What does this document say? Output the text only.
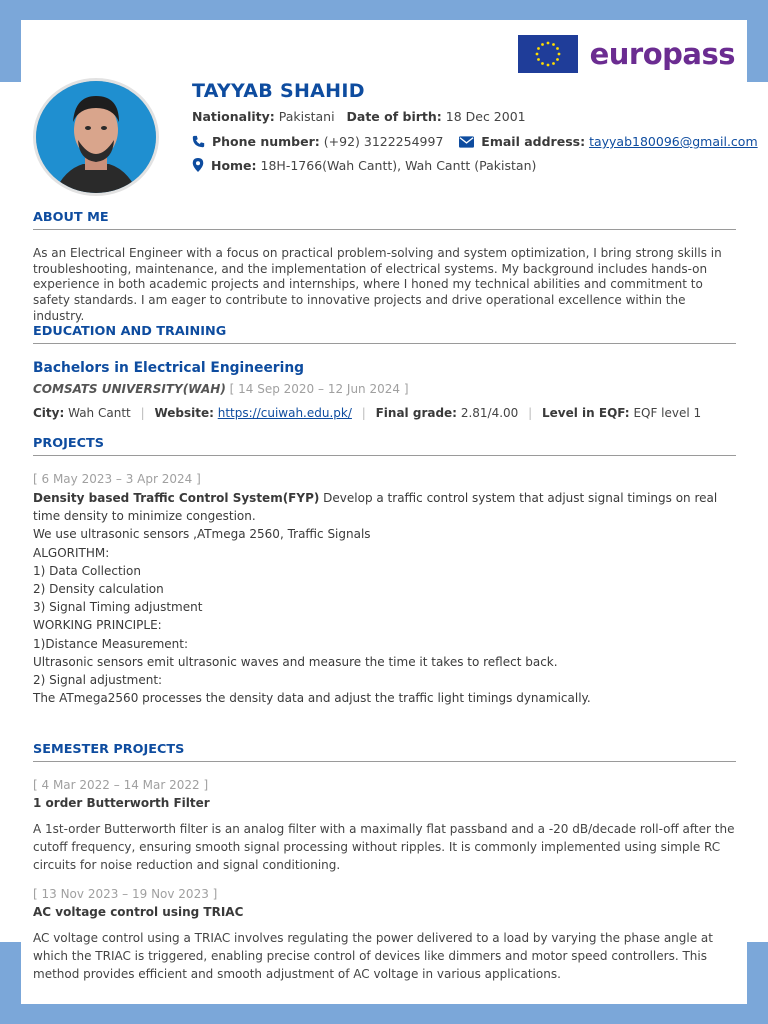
europass
TAYYAB SHAHID
Nationality: Pakistani Date of birth: 18 Dec 2001
Phone number: (+92) 3122254997	Email address: tayyab180096@gmail.com
Home: 18H-1766(Wah Cantt), Wah Cantt (Pakistan)
ABOUT ME
As an Electrical Engineer with a focus on practical problem-solving and system optimization, I bring strong skills in troubleshooting, maintenance, and the implementation of electrical systems. My background includes hands-on experience in both academic projects and internships, where I honed my technical abilities and commitment to safety standards. I am eager to contribute to innovative projects and drive operational excellence within the industry.
EDUCATION AND TRAINING
Bachelors in Electrical Engineering
COMSATS UNIVERSITY(WAH) [ 14 Sep 2020 – 12 Jun 2024 ]
City: Wah Cantt | Website: https://cuiwah.edu.pk/ | Final grade: 2.81/4.00 | Level in EQF: EQF level 1
PROJECTS
[ 6 May 2023 – 3 Apr 2024 ]
Density based Traffic Control System(FYP) Develop a traffic control system that adjust signal timings on real time density to minimize congestion.
We use ultrasonic sensors ,ATmega 2560, Traffic Signals
ALGORITHM:
1) Data Collection
2) Density calculation
3) Signal Timing adjustment
WORKING PRINCIPLE:
1)Distance Measurement:
Ultrasonic sensors emit ultrasonic waves and measure the time it takes to reflect back.
2) Signal adjustment:
The ATmega2560 processes the density data and adjust the traffic light timings dynamically.
SEMESTER PROJECTS
[ 4 Mar 2022 – 14 Mar 2022 ]
1 order Butterworth Filter
A 1st-order Butterworth filter is an analog filter with a maximally flat passband and a -20 dB/decade roll-off after the cutoff frequency, ensuring smooth signal processing without ripples. It is commonly implemented using simple RC circuits for noise reduction and signal conditioning.
[ 13 Nov 2023 – 19 Nov 2023 ]
AC voltage control using TRIAC
AC voltage control using a TRIAC involves regulating the power delivered to a load by varying the phase angle at which the TRIAC is triggered, enabling precise control of devices like dimmers and motor speed controllers. This method provides efficient and smooth adjustment of AC voltage in various applications.
